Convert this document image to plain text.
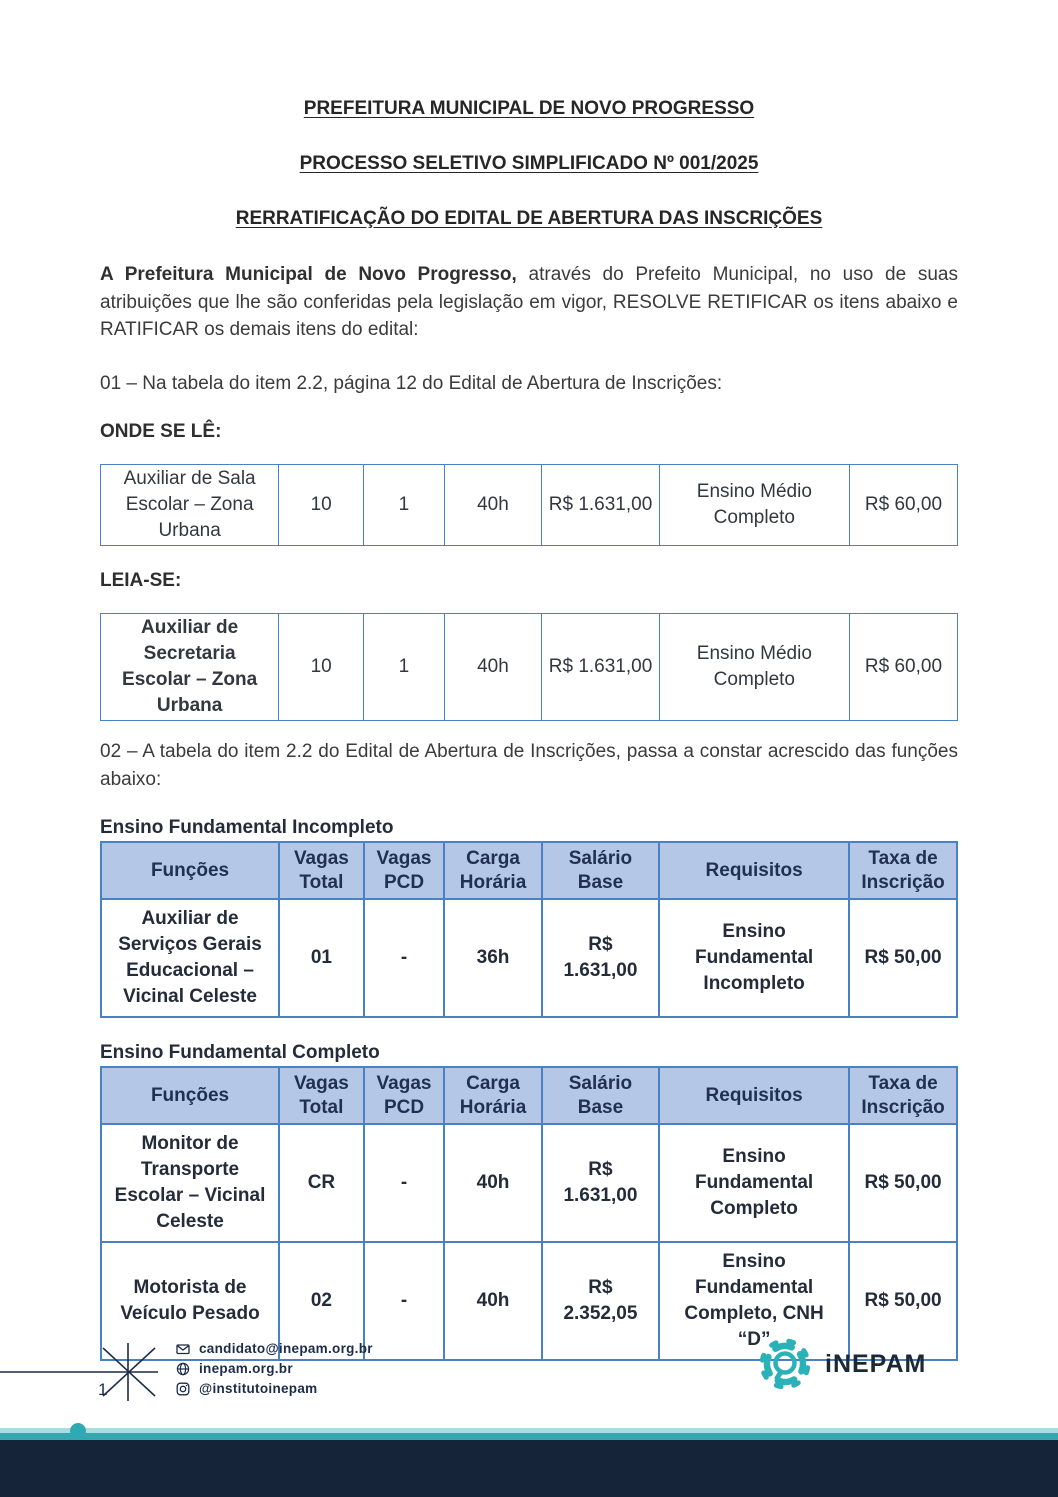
PREFEITURA MUNICIPAL DE NOVO PROGRESSO

PROCESSO SELETIVO SIMPLIFICADO Nº 001/2025

RERRATIFICAÇÃO DO EDITAL DE ABERTURA DAS INSCRIÇÕES

A Prefeitura Municipal de Novo Progresso, através do Prefeito Municipal, no uso de suas atribuições que lhe são conferidas pela legislação em vigor, RESOLVE RETIFICAR os itens abaixo e RATIFICAR os demais itens do edital:

01 – Na tabela do item 2.2, página 12 do Edital de Abertura de Inscrições:

ONDE SE LÊ:

Auxiliar de Sala Escolar – Zona Urbana	10	1	40h	R$ 1.631,00	Ensino Médio Completo	R$ 60,00

LEIA-SE:

Auxiliar de Secretaria Escolar – Zona Urbana	10	1	40h	R$ 1.631,00	Ensino Médio Completo	R$ 60,00

02 – A tabela do item 2.2 do Edital de Abertura de Inscrições, passa a constar acrescido das funções abaixo:

Ensino Fundamental Incompleto

Funções	Vagas Total	Vagas PCD	Carga Horária	Salário Base	Requisitos	Taxa de Inscrição
Auxiliar de Serviços Gerais Educacional – Vicinal Celeste	01	-	36h	R$ 1.631,00	Ensino Fundamental Incompleto	R$ 50,00

Ensino Fundamental Completo

Funções	Vagas Total	Vagas PCD	Carga Horária	Salário Base	Requisitos	Taxa de Inscrição
Monitor de Transporte Escolar – Vicinal Celeste	CR	-	40h	R$ 1.631,00	Ensino Fundamental Completo	R$ 50,00
Motorista de Veículo Pesado	02	-	40h	R$ 2.352,05	Ensino Fundamental Completo, CNH “D”	R$ 50,00
1
candidato@inepam.org.br
inepam.org.br
@institutoinepam
iNEPAM
